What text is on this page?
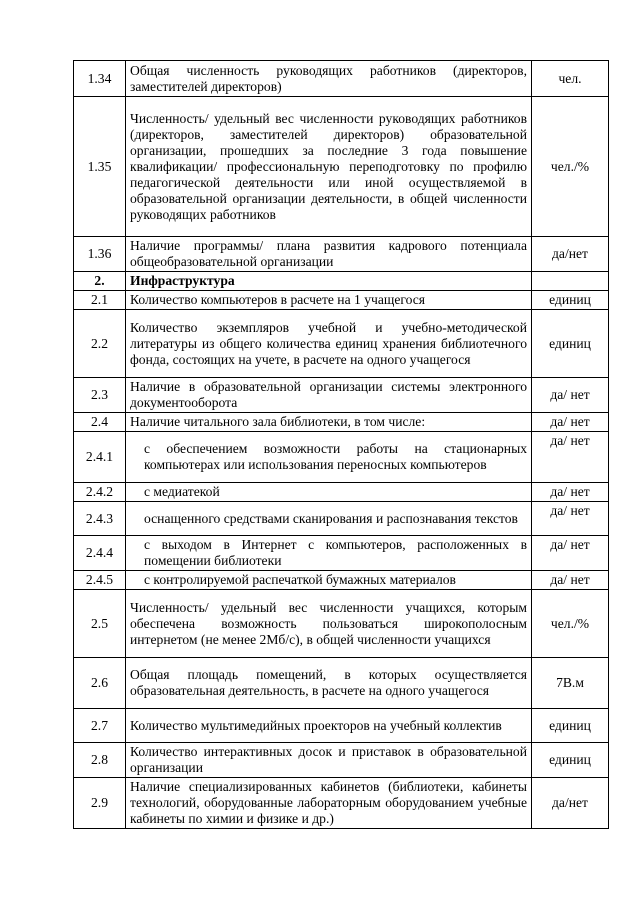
1.34	Общая численность руководящих работников (директоров, заместителей директоров)	чел.
1.35	Численность/ удельный вес численности руководящих работников (директоров, заместителей директоров) образовательной организации, прошедших за последние 3 года повышение квалификации/ профессиональную переподготовку по профилю педагогической деятельности или иной осуществляемой в образовательной организации деятельности, в общей численности руководящих работников	чел./%
1.36	Наличие программы/ плана развития кадрового потенциала общеобразовательной организации	да/нет
2.	Инфраструктура	
2.1	Количество компьютеров в расчете на 1 учащегося	единиц
2.2	Количество экземпляров учебной и учебно-методической литературы из общего количества единиц хранения библиотечного фонда, состоящих на учете, в расчете на одного учащегося	единиц
2.3	Наличие в образовательной организации системы электронного документооборота	да/ нет
2.4	Наличие читального зала библиотеки, в том числе:	да/ нет
2.4.1	с обеспечением возможности работы на стационарных компьютерах или использования переносных компьютеров	да/ нет
2.4.2	с медиатекой	да/ нет
2.4.3	оснащенного средствами сканирования и распознавания текстов	да/ нет
2.4.4	с выходом в Интернет с компьютеров, расположенных в помещении библиотеки	да/ нет
2.4.5	с контролируемой распечаткой бумажных материалов	да/ нет
2.5	Численность/ удельный вес численности учащихся, которым обеспечена возможность пользоваться широкополосным интернетом (не менее 2Мб/с), в общей численности учащихся	чел./%
2.6	Общая площадь помещений, в которых осуществляется образовательная деятельность, в расчете на одного учащегося	7В.м
2.7	Количество мультимедийных проекторов на учебный коллектив	единиц
2.8	Количество интерактивных досок и приставок в образовательной организации	единиц
2.9	Наличие специализированных кабинетов (библиотеки, кабинеты технологий, оборудованные лабораторным оборудованием учебные кабинеты по химии и физике и др.)	да/нет
